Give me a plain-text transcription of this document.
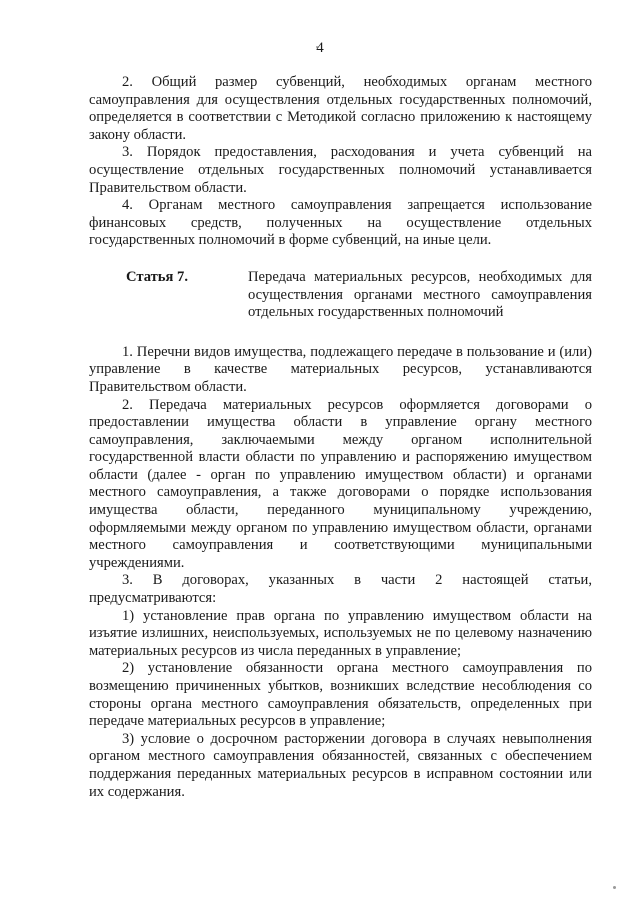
4

2. Общий размер субвенций, необходимых органам местного самоуправления для осуществления отдельных государственных полномочий, определяется в соответствии с Методикой согласно приложению к настоящему закону области.

3. Порядок предоставления, расходования и учета субвенций на осуществление отдельных государственных полномочий устанавливается Правительством области.

4. Органам местного самоуправления запрещается использование финансовых средств, полученных на осуществление отдельных государственных полномочий в форме субвенций, на иные цели.

Статья 7.	Передача материальных ресурсов, необходимых для осуществления органами местного самоуправления отдельных государственных полномочий

1. Перечни видов имущества, подлежащего передаче в пользование и (или) управление в качестве материальных ресурсов, устанавливаются Правительством области.

2. Передача материальных ресурсов оформляется договорами о предоставлении имущества области в управление органу местного самоуправления, заключаемыми между органом исполнительной государственной власти области по управлению и распоряжению имуществом области (далее - орган по управлению имуществом области) и органами местного самоуправления, а также договорами о порядке использования имущества области, переданного муниципальному учреждению, оформляемыми между органом по управлению имуществом области, органами местного самоуправления и соответствующими муниципальными учреждениями.

3. В договорах, указанных в части 2 настоящей статьи, предусматриваются:

1) установление прав органа по управлению имуществом области на изъятие излишних, неиспользуемых, используемых не по целевому назначению материальных ресурсов из числа переданных в управление;

2) установление обязанности органа местного самоуправления по возмещению причиненных убытков, возникших вследствие несоблюдения со стороны органа местного самоуправления обязательств, определенных при передаче материальных ресурсов в управление;

3) условие о досрочном расторжении договора в случаях невыполнения органом местного самоуправления обязанностей, связанных с обеспечением поддержания переданных материальных ресурсов в исправном состоянии или их содержания.
